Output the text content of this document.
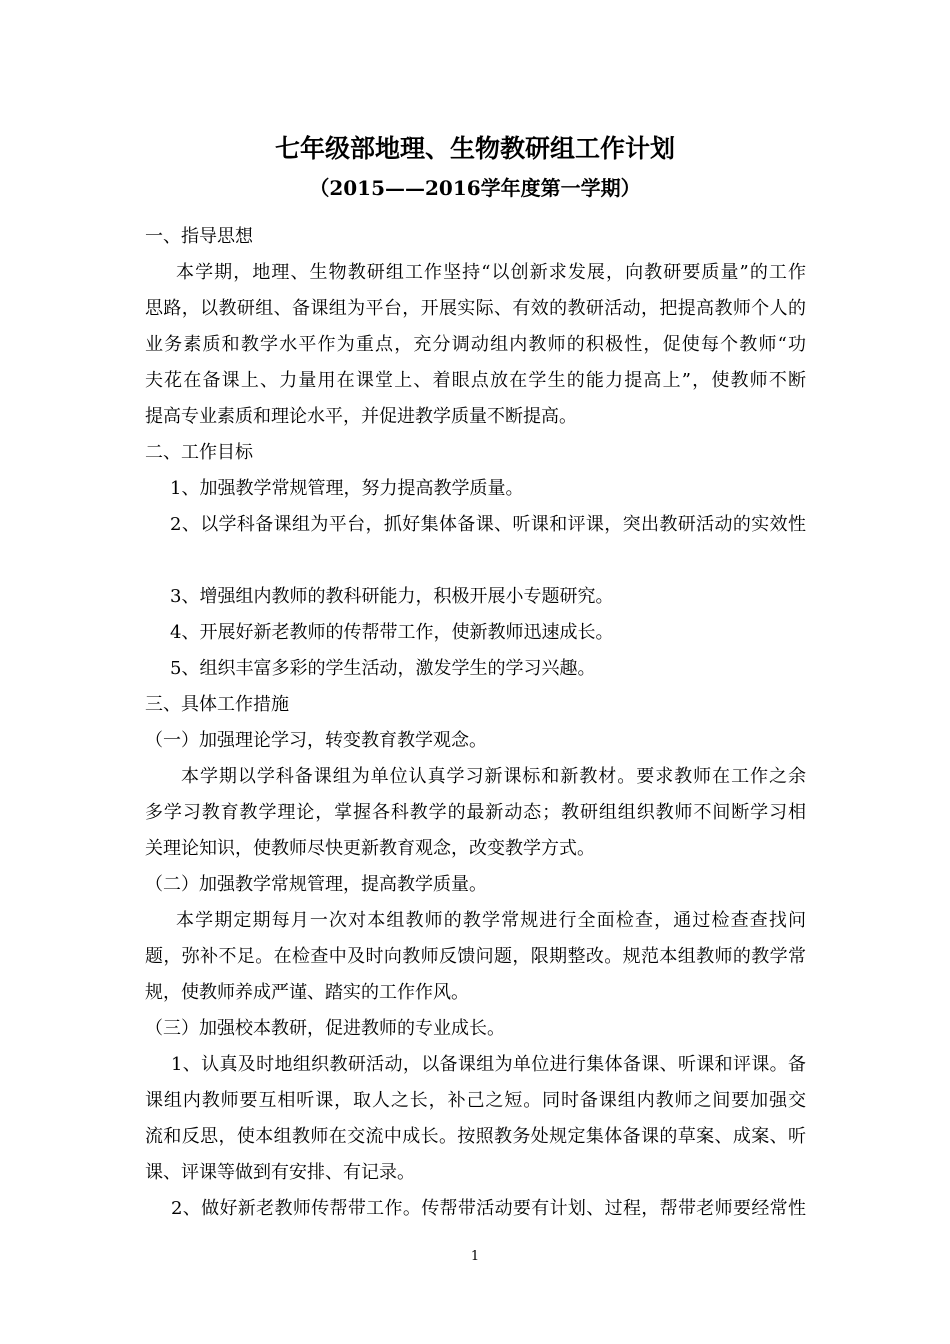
七年级部地理、生物教研组工作计划
（2015——2016学年度第一学期）
一、指导思想
本学期，地理、生物教研组工作坚持“以创新求发展，向教研要质量”的工作
思路，以教研组、备课组为平台，开展实际、有效的教研活动，把提高教师个人的
业务素质和教学水平作为重点，充分调动组内教师的积极性，促使每个教师“功
夫花在备课上、力量用在课堂上、着眼点放在学生的能力提高上”，使教师不断
提高专业素质和理论水平，并促进教学质量不断提高。
二、工作目标
1、加强教学常规管理，努力提高教学质量。
2、以学科备课组为平台，抓好集体备课、听课和评课，突出教研活动的实效性
3、增强组内教师的教科研能力，积极开展小专题研究。
4、开展好新老教师的传帮带工作，使新教师迅速成长。
5、组织丰富多彩的学生活动，激发学生的学习兴趣。
三、具体工作措施
（一）加强理论学习，转变教育教学观念。
本学期以学科备课组为单位认真学习新课标和新教材。要求教师在工作之余
多学习教育教学理论，掌握各科教学的最新动态；教研组组织教师不间断学习相
关理论知识，使教师尽快更新教育观念，改变教学方式。
（二）加强教学常规管理，提高教学质量。
本学期定期每月一次对本组教师的教学常规进行全面检查，通过检查查找问
题，弥补不足。在检查中及时向教师反馈问题，限期整改。规范本组教师的教学常
规，使教师养成严谨、踏实的工作作风。
（三）加强校本教研，促进教师的专业成长。
1、认真及时地组织教研活动，以备课组为单位进行集体备课、听课和评课。备
课组内教师要互相听课，取人之长，补己之短。同时备课组内教师之间要加强交
流和反思，使本组教师在交流中成长。按照教务处规定集体备课的草案、成案、听
课、评课等做到有安排、有记录。
2、做好新老教师传帮带工作。传帮带活动要有计划、过程，帮带老师要经常性
1
